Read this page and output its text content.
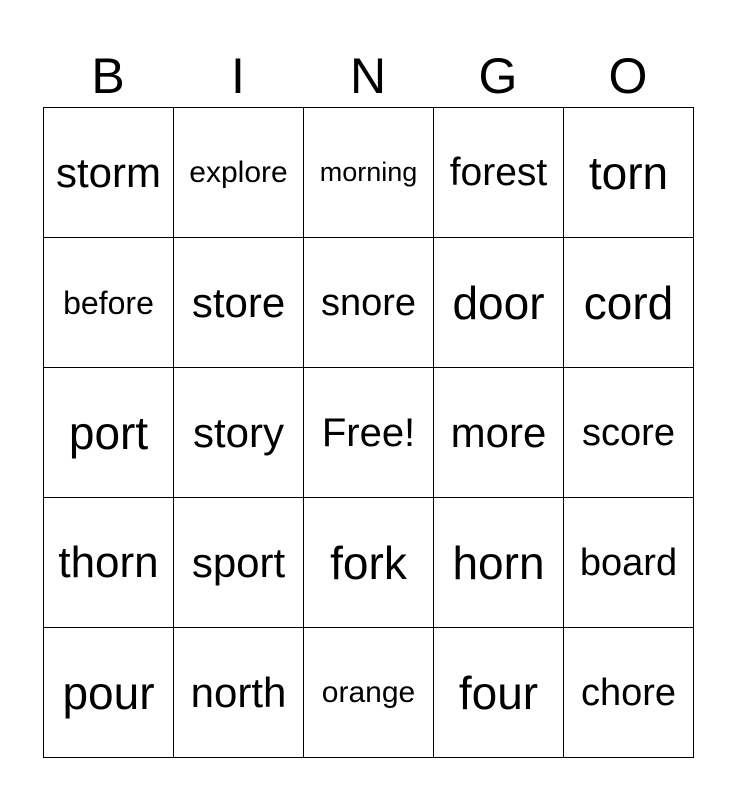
B	I	N	G	O
storm explore morning forest torn
before store snore door cord
port story Free! more score
thorn sport fork horn board
pour north orange four chore
